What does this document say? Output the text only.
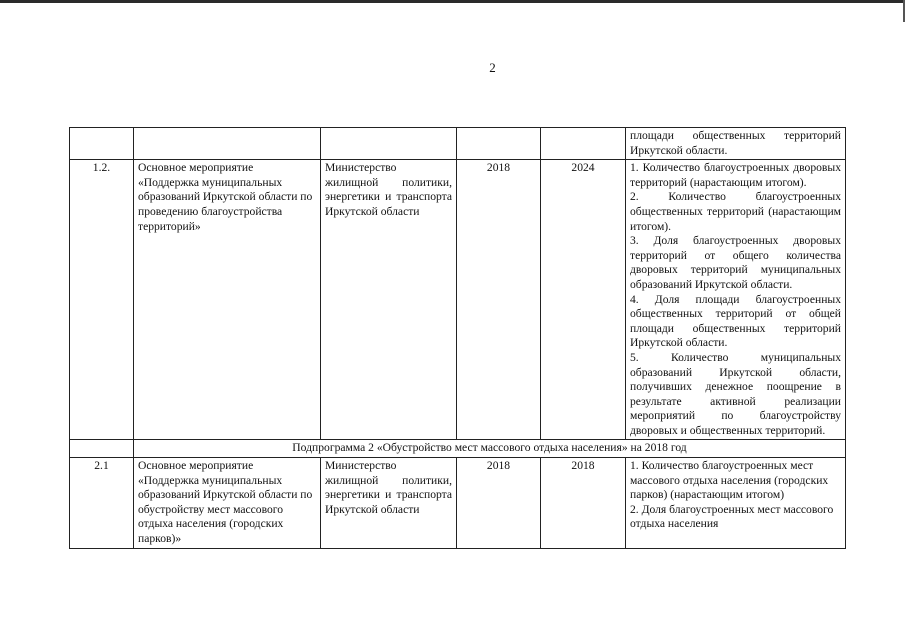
2

					площади общественных территорий Иркутской области.

1.2.	Основное мероприятие «Поддержка муниципальных образований Иркутской области по проведению благоустройства территорий»	Министерство жилищной политики, энергетики и транспорта Иркутской области	2018	2024	1. Количество благоустроенных дворовых территорий (нарастающим итогом).
2. Количество благоустроенных общественных территорий (нарастающим итогом).
3. Доля благоустроенных дворовых территорий от общего количества дворовых территорий муниципальных образований Иркутской области.
4. Доля площади благоустроенных общественных территорий от общей площади общественных территорий Иркутской области.
5. Количество муниципальных образований Иркутской области, получивших денежное поощрение в результате активной реализации мероприятий по благоустройству дворовых и общественных территорий.

	Подпрограмма 2 «Обустройство мест массового отдыха населения» на 2018 год				
2.1	Основное мероприятие «Поддержка муниципальных образований Иркутской области по обустройству мест массового отдыха населения (городских парков)»	Министерство жилищной политики, энергетики и транспорта Иркутской области	2018	2018	1. Количество благоустроенных мест массового отдыха населения (городских парков) (нарастающим итогом)
2. Доля благоустроенных мест массового отдыха населения
